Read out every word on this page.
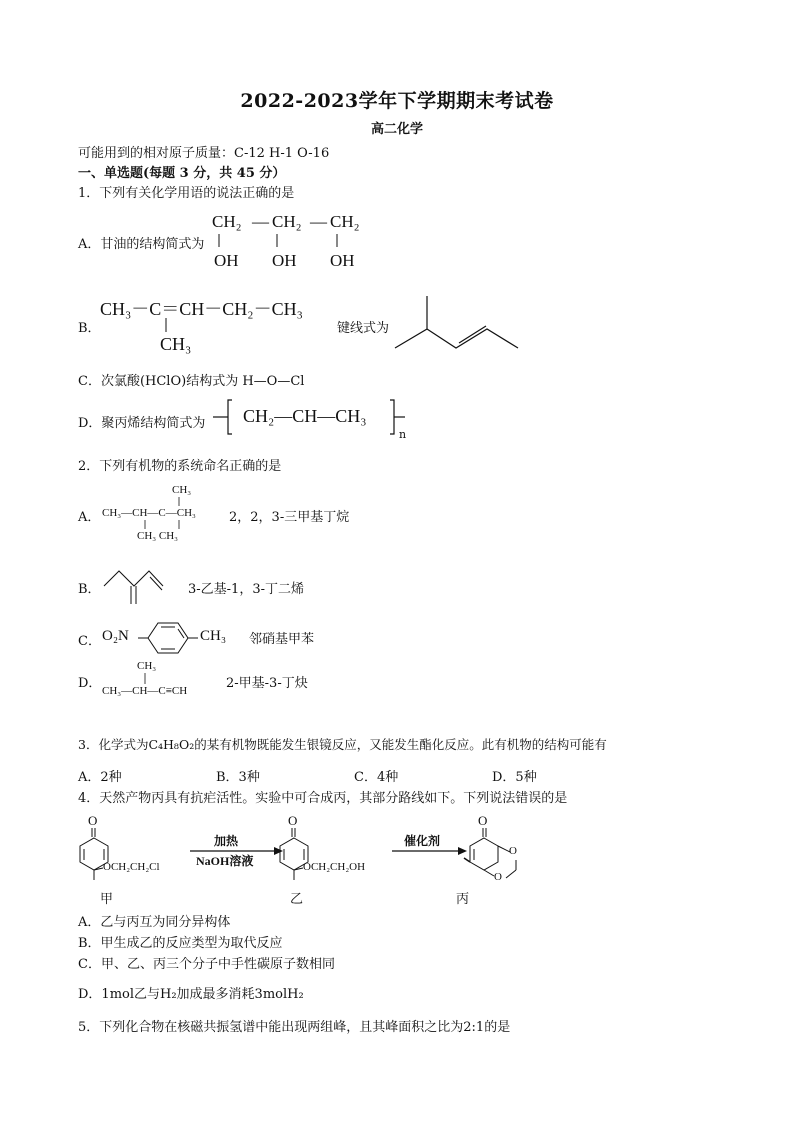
2022-2023学年下学期期末考试卷
高二化学
可能用到的相对原子质量：C-12 H-1 O-16
一、单选题(每题 3 分，共 45 分）
1．下列有关化学用语的说法正确的是
A．甘油的结构简式为
CH₂ — CH₂ — CH₂
OH OH OH
B．
CH₃－C＝CH－CH₂－CH₃
CH₃
键线式为
C．次氯酸(HClO)结构式为 H—O—Cl
D．聚丙烯结构简式为 CH₂—CH—CH₃
n
2．下列有机物的系统命名正确的是
A．
CH₃
CH₃—CH—C—CH₃
CH₃ CH₃
2，2，3-三甲基丁烷
B．	3-乙基-1，3-丁二烯
C． O₂N	CH₃ 邻硝基甲苯
D．
CH₃
CH₃—CH—C≡CH	2-甲基-3-丁炔
3．化学式为C₄H₈O₂的某有机物既能发生银镜反应，又能发生酯化反应。此有机物的结构可能有
A．2种	B．3种	C．4种	D．5种
4．天然产物丙具有抗疟活性。实验中可合成丙，其部分路线如下。下列说法错误的是
O
OCH₂CH₂Cl
甲
加热
NaOH溶液
O
OCH₂CH₂OH
乙
催化剂
O
O
O
丙
A．乙与丙互为同分异构体
B．甲生成乙的反应类型为取代反应
C．甲、乙、丙三个分子中手性碳原子数相同
D．1mol乙与H₂加成最多消耗3molH₂
5．下列化合物在核磁共振氢谱中能出现两组峰，且其峰面积之比为2:1的是
